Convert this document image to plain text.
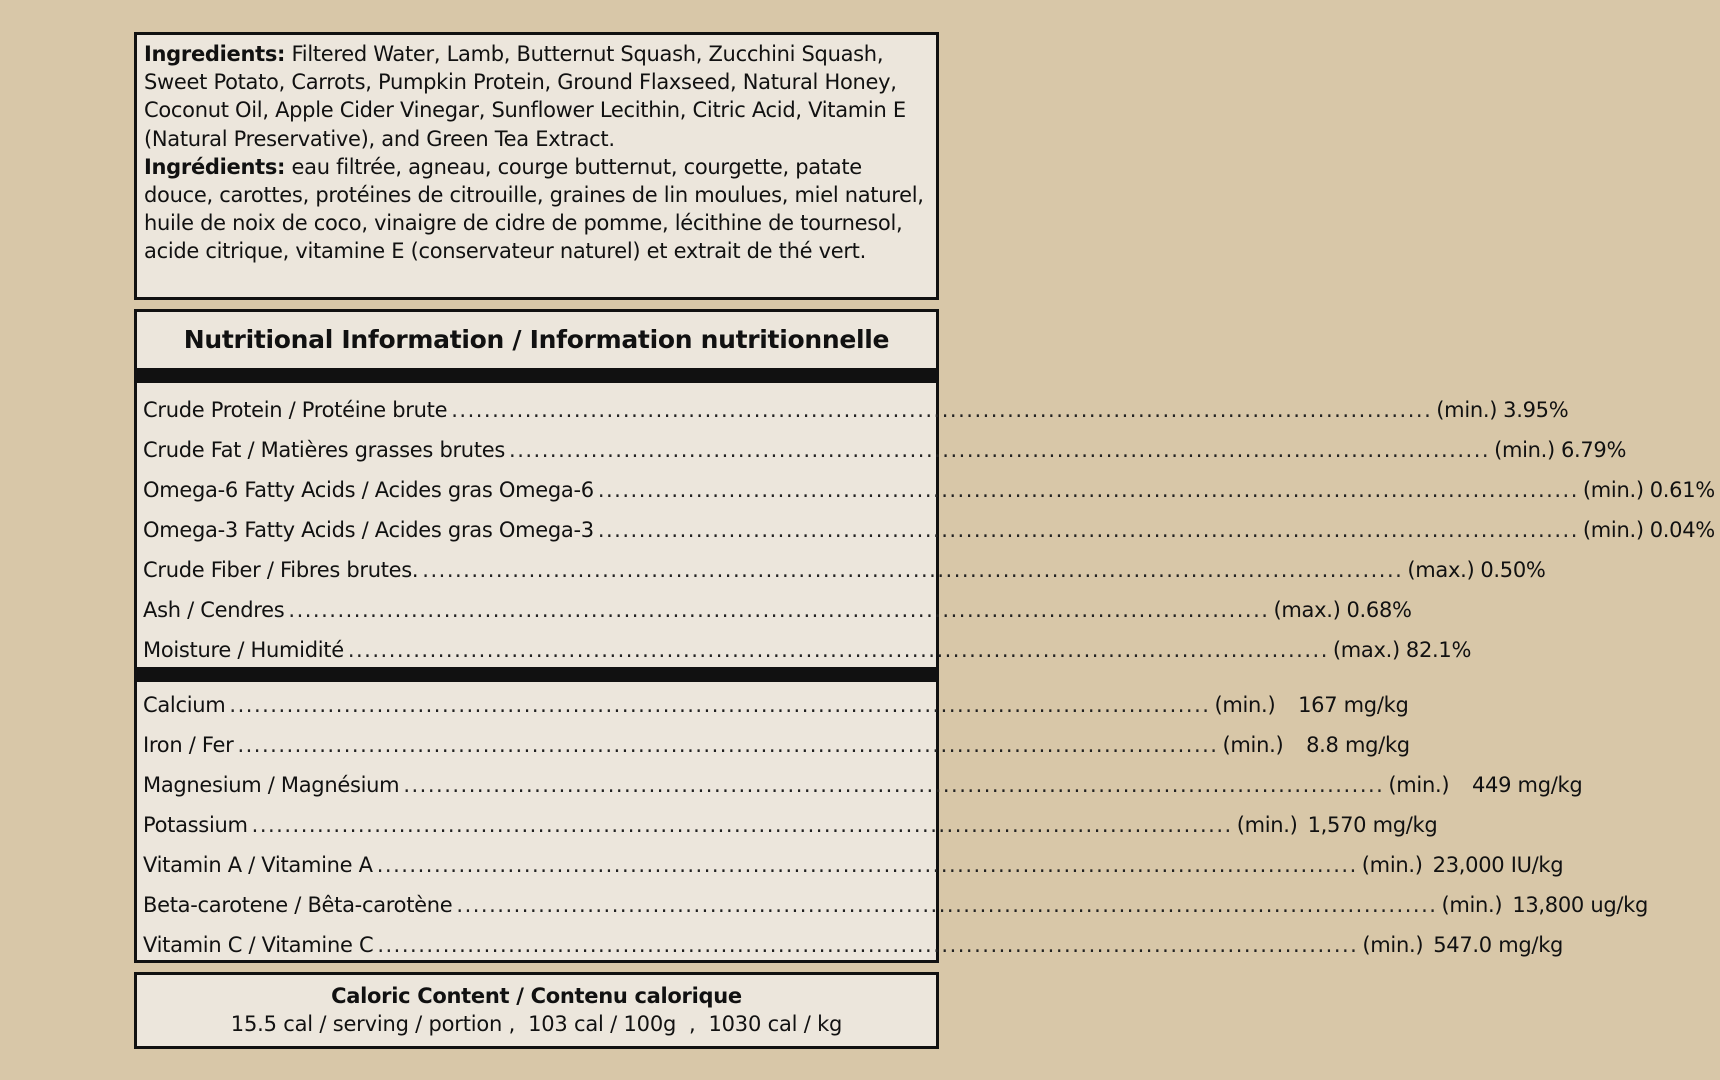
Ingredients: Filtered Water, Lamb, Butternut Squash, Zucchini Squash, Sweet Potato, Carrots, Pumpkin Protein, Ground Flaxseed, Natural Honey, Coconut Oil, Apple Cider Vinegar, Sunflower Lecithin, Citric Acid, Vitamin E (Natural Preservative), and Green Tea Extract.

Ingrédients: eau filtrée, agneau, courge butternut, courgette, patate douce, carottes, protéines de citrouille, graines de lin moulues, miel naturel, huile de noix de coco, vinaigre de cidre de pomme, lécithine de tournesol, acide citrique, vitamine E (conservateur naturel) et extrait de thé vert.

Nutritional Information / Information nutritionnelle
Crude Protein / Protéine brute ........................................................................................................................ (min.) 3.95%
Crude Fat / Matières grasses brutes ........................................................................................................................ (min.) 6.79%
Omega-6 Fatty Acids / Acides gras Omega-6 ........................................................................................................................ (min.) 0.61%
Omega-3 Fatty Acids / Acides gras Omega-3 ........................................................................................................................ (min.) 0.04%
Crude Fiber / Fibres brutes. ........................................................................................................................ (max.) 0.50%
Ash / Cendres ........................................................................................................................ (max.) 0.68%
Moisture / Humidité ........................................................................................................................ (max.) 82.1%
Calcium ........................................................................................................................ (min.) 167 mg/kg
Iron / Fer ........................................................................................................................ (min.) 8.8 mg/kg
Magnesium / Magnésium ........................................................................................................................ (min.) 449 mg/kg
Potassium ........................................................................................................................ (min.) 1,570 mg/kg
Vitamin A / Vitamine A ........................................................................................................................ (min.) 23,000 IU/kg
Beta-carotene / Bêta-carotène ........................................................................................................................ (min.) 13,800 ug/kg
Vitamin C / Vitamine C ........................................................................................................................ (min.) 547.0 mg/kg
Caloric Content / Contenu calorique
15.5 cal / serving / portion ,  103 cal / 100g  ,  1030 cal / kg
